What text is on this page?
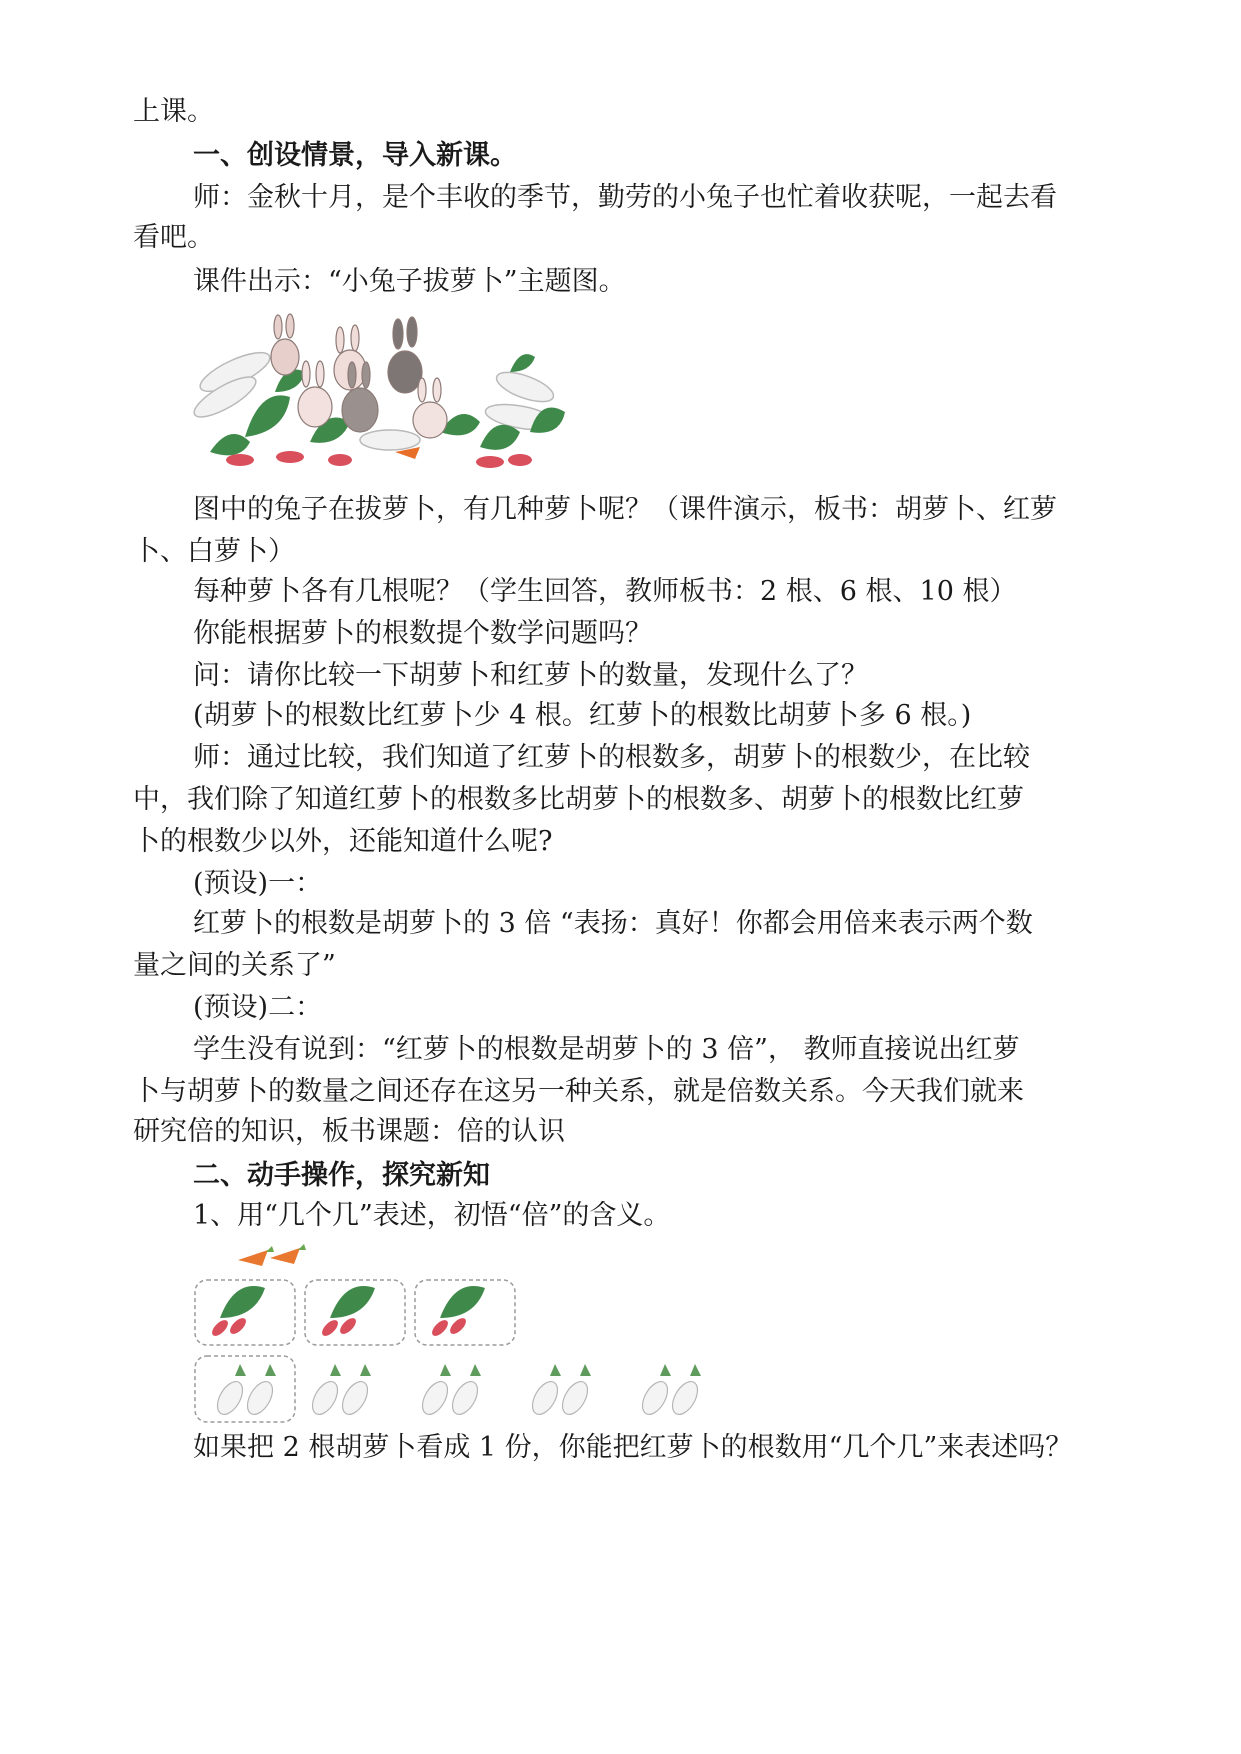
上课。
一、创设情景，导入新课。
师：金秋十月，是个丰收的季节，勤劳的小兔子也忙着收获呢，一起去看
看吧。
课件出示：“小兔子拔萝卜”主题图。
图中的兔子在拔萝卜，有几种萝卜呢？（课件演示，板书：胡萝卜、红萝
卜、白萝卜）
每种萝卜各有几根呢？（学生回答，教师板书：2 根、6 根、10 根）
你能根据萝卜的根数提个数学问题吗？
问：请你比较一下胡萝卜和红萝卜的数量，发现什么了？
(胡萝卜的根数比红萝卜少 4 根。红萝卜的根数比胡萝卜多 6 根。)
师：通过比较，我们知道了红萝卜的根数多，胡萝卜的根数少，在比较
中，我们除了知道红萝卜的根数多比胡萝卜的根数多、胡萝卜的根数比红萝
卜的根数少以外，还能知道什么呢?
(预设)一：
红萝卜的根数是胡萝卜的 3 倍 “表扬：真好！你都会用倍来表示两个数
量之间的关系了”
(预设)二：
学生没有说到：“红萝卜的根数是胡萝卜的 3 倍”， 教师直接说出红萝
卜与胡萝卜的数量之间还存在这另一种关系，就是倍数关系。今天我们就来
研究倍的知识，板书课题：倍的认识
二、动手操作，探究新知
1、用“几个几”表述，初悟“倍”的含义。
如果把 2 根胡萝卜看成 1 份，你能把红萝卜的根数用“几个几”来表述吗？
